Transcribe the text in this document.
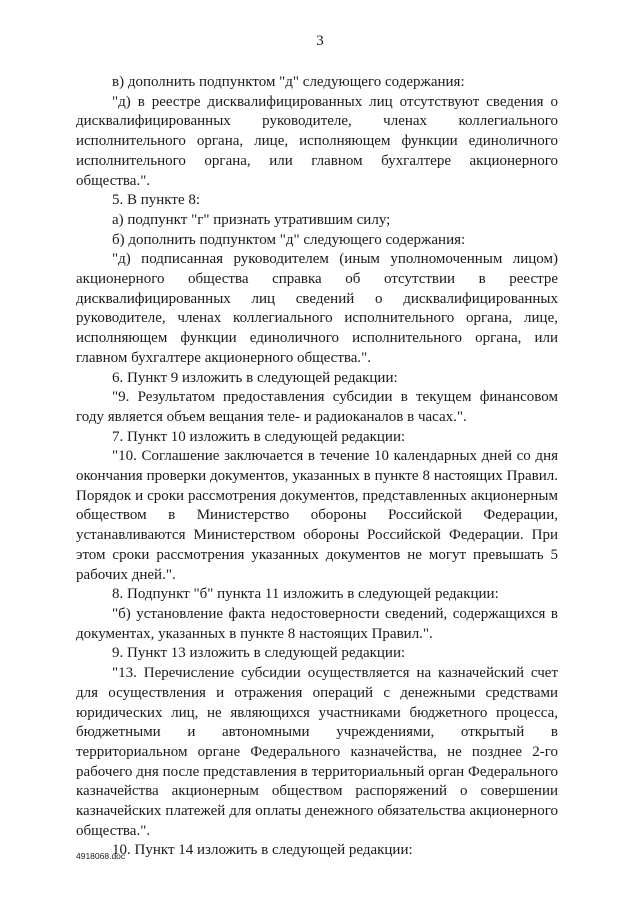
3

в) дополнить подпунктом "д" следующего содержания:

"д) в реестре дисквалифицированных лиц отсутствуют сведения о дисквалифицированных руководителе, членах коллегиального исполнительного органа, лице, исполняющем функции единоличного исполнительного органа, или главном бухгалтере акционерного общества.".

5. В пункте 8:

а) подпункт "г" признать утратившим силу;

б) дополнить подпунктом "д" следующего содержания:

"д) подписанная руководителем (иным уполномоченным лицом) акционерного общества справка об отсутствии в реестре дисквалифицированных лиц сведений о дисквалифицированных руководителе, членах коллегиального исполнительного органа, лице, исполняющем функции единоличного исполнительного органа, или главном бухгалтере акционерного общества.".

6. Пункт 9 изложить в следующей редакции:

"9. Результатом предоставления субсидии в текущем финансовом году является объем вещания теле- и радиоканалов в часах.".

7. Пункт 10 изложить в следующей редакции:

"10. Соглашение заключается в течение 10 календарных дней со дня окончания проверки документов, указанных в пункте 8 настоящих Правил. Порядок и сроки рассмотрения документов, представленных акционерным обществом в Министерство обороны Российской Федерации, устанавливаются Министерством обороны Российской Федерации. При этом сроки рассмотрения указанных документов не могут превышать 5 рабочих дней.".

8. Подпункт "б" пункта 11 изложить в следующей редакции:

"б) установление факта недостоверности сведений, содержащихся в документах, указанных в пункте 8 настоящих Правил.".

9. Пункт 13 изложить в следующей редакции:

"13. Перечисление субсидии осуществляется на казначейский счет для осуществления и отражения операций с денежными средствами юридических лиц, не являющихся участниками бюджетного процесса, бюджетными и автономными учреждениями, открытый в территориальном органе Федерального казначейства, не позднее 2-го рабочего дня после представления в территориальный орган Федерального казначейства акционерным обществом распоряжений о совершении казначейских платежей для оплаты денежного обязательства акционерного общества.".

10. Пункт 14 изложить в следующей редакции:

4918068.doc
